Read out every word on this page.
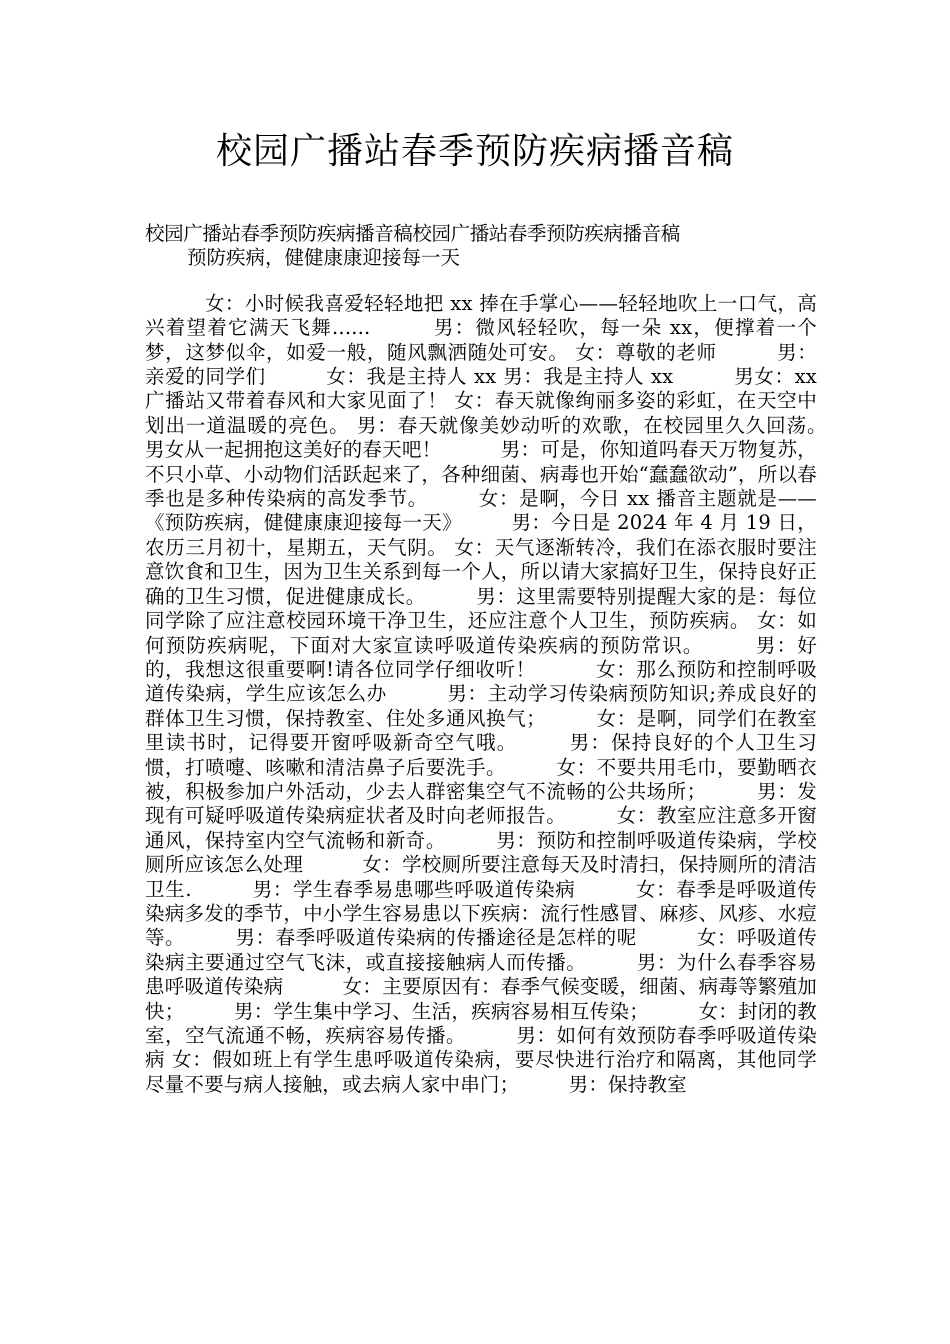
校园广播站春季预防疾病播音稿

校园广播站春季预防疾病播音稿校园广播站春季预防疾病播音稿

预防疾病，健健康康迎接每一天

女：小时候我喜爱轻轻地把 xx 捧在手掌心——轻轻地吹上一口气，高兴着望着它满天飞舞......　　　男：微风轻轻吹，每一朵 xx，便撑着一个梦，这梦似伞，如爱一般，随风飘洒随处可安。 女：尊敬的老师　　　男：亲爱的同学们　　　女：我是主持人 xx 男：我是主持人 xx　　　男女：xx 广播站又带着春风和大家见面了！ 女：春天就像绚丽多姿的彩虹，在天空中划出一道温暖的亮色。 男：春天就像美妙动听的欢歌，在校园里久久回荡。　　　男女从一起拥抱这美好的春天吧！　　　男：可是，你知道吗春天万物复苏，不只小草、小动物们活跃起来了，各种细菌、病毒也开始“蠢蠢欲动”，所以春季也是多种传染病的高发季节。　　　女：是啊，今日 xx 播音主题就是——《预防疾病，健健康康迎接每一天》　　　男：今日是 2024 年 4 月 19 日，农历三月初十，星期五，天气阴。 女：天气逐渐转冷，我们在添衣服时要注意饮食和卫生，因为卫生关系到每一个人，所以请大家搞好卫生，保持良好正确的卫生习惯，促进健康成长。　　　男：这里需要特别提醒大家的是：每位同学除了应注意校园环境干净卫生，还应注意个人卫生，预防疾病。 女：如何预防疾病呢，下面对大家宣读呼吸道传染疾病的预防常识。　　　男：好的，我想这很重要啊!请各位同学仔细收听！　　　女：那么预防和控制呼吸道传染病，学生应该怎么办　　　男：主动学习传染病预防知识;养成良好的群体卫生习惯，保持教室、住处多通风换气；　　　女：是啊，同学们在教室里读书时，记得要开窗呼吸新奇空气哦。　　　男：保持良好的个人卫生习惯，打喷嚏、咳嗽和清洁鼻子后要洗手。　　　女：不要共用毛巾，要勤晒衣被，积极参加户外活动，少去人群密集空气不流畅的公共场所；　　　男：发现有可疑呼吸道传染病症状者及时向老师报告。　　　女：教室应注意多开窗通风，保持室内空气流畅和新奇。　　　男：预防和控制呼吸道传染病，学校厕所应该怎么处理　　　女：学校厕所要注意每天及时清扫，保持厕所的清洁卫生.　　　男：学生春季易患哪些呼吸道传染病　　　女：春季是呼吸道传染病多发的季节，中小学生容易患以下疾病：流行性感冒、麻疹、风疹、水痘等。　　　男：春季呼吸道传染病的传播途径是怎样的呢　　　女：呼吸道传染病主要通过空气飞沫，或直接接触病人而传播。　　　男：为什么春季容易患呼吸道传染病　　　女：主要原因有：春季气候变暖，细菌、病毒等繁殖加快；　　　男：学生集中学习、生活，疾病容易相互传染；　　　女：封闭的教室，空气流通不畅，疾病容易传播。　　　男：如何有效预防春季呼吸道传染病 女：假如班上有学生患呼吸道传染病，要尽快进行治疗和隔离，其他同学尽量不要与病人接触，或去病人家中串门；　　　男：保持教室
